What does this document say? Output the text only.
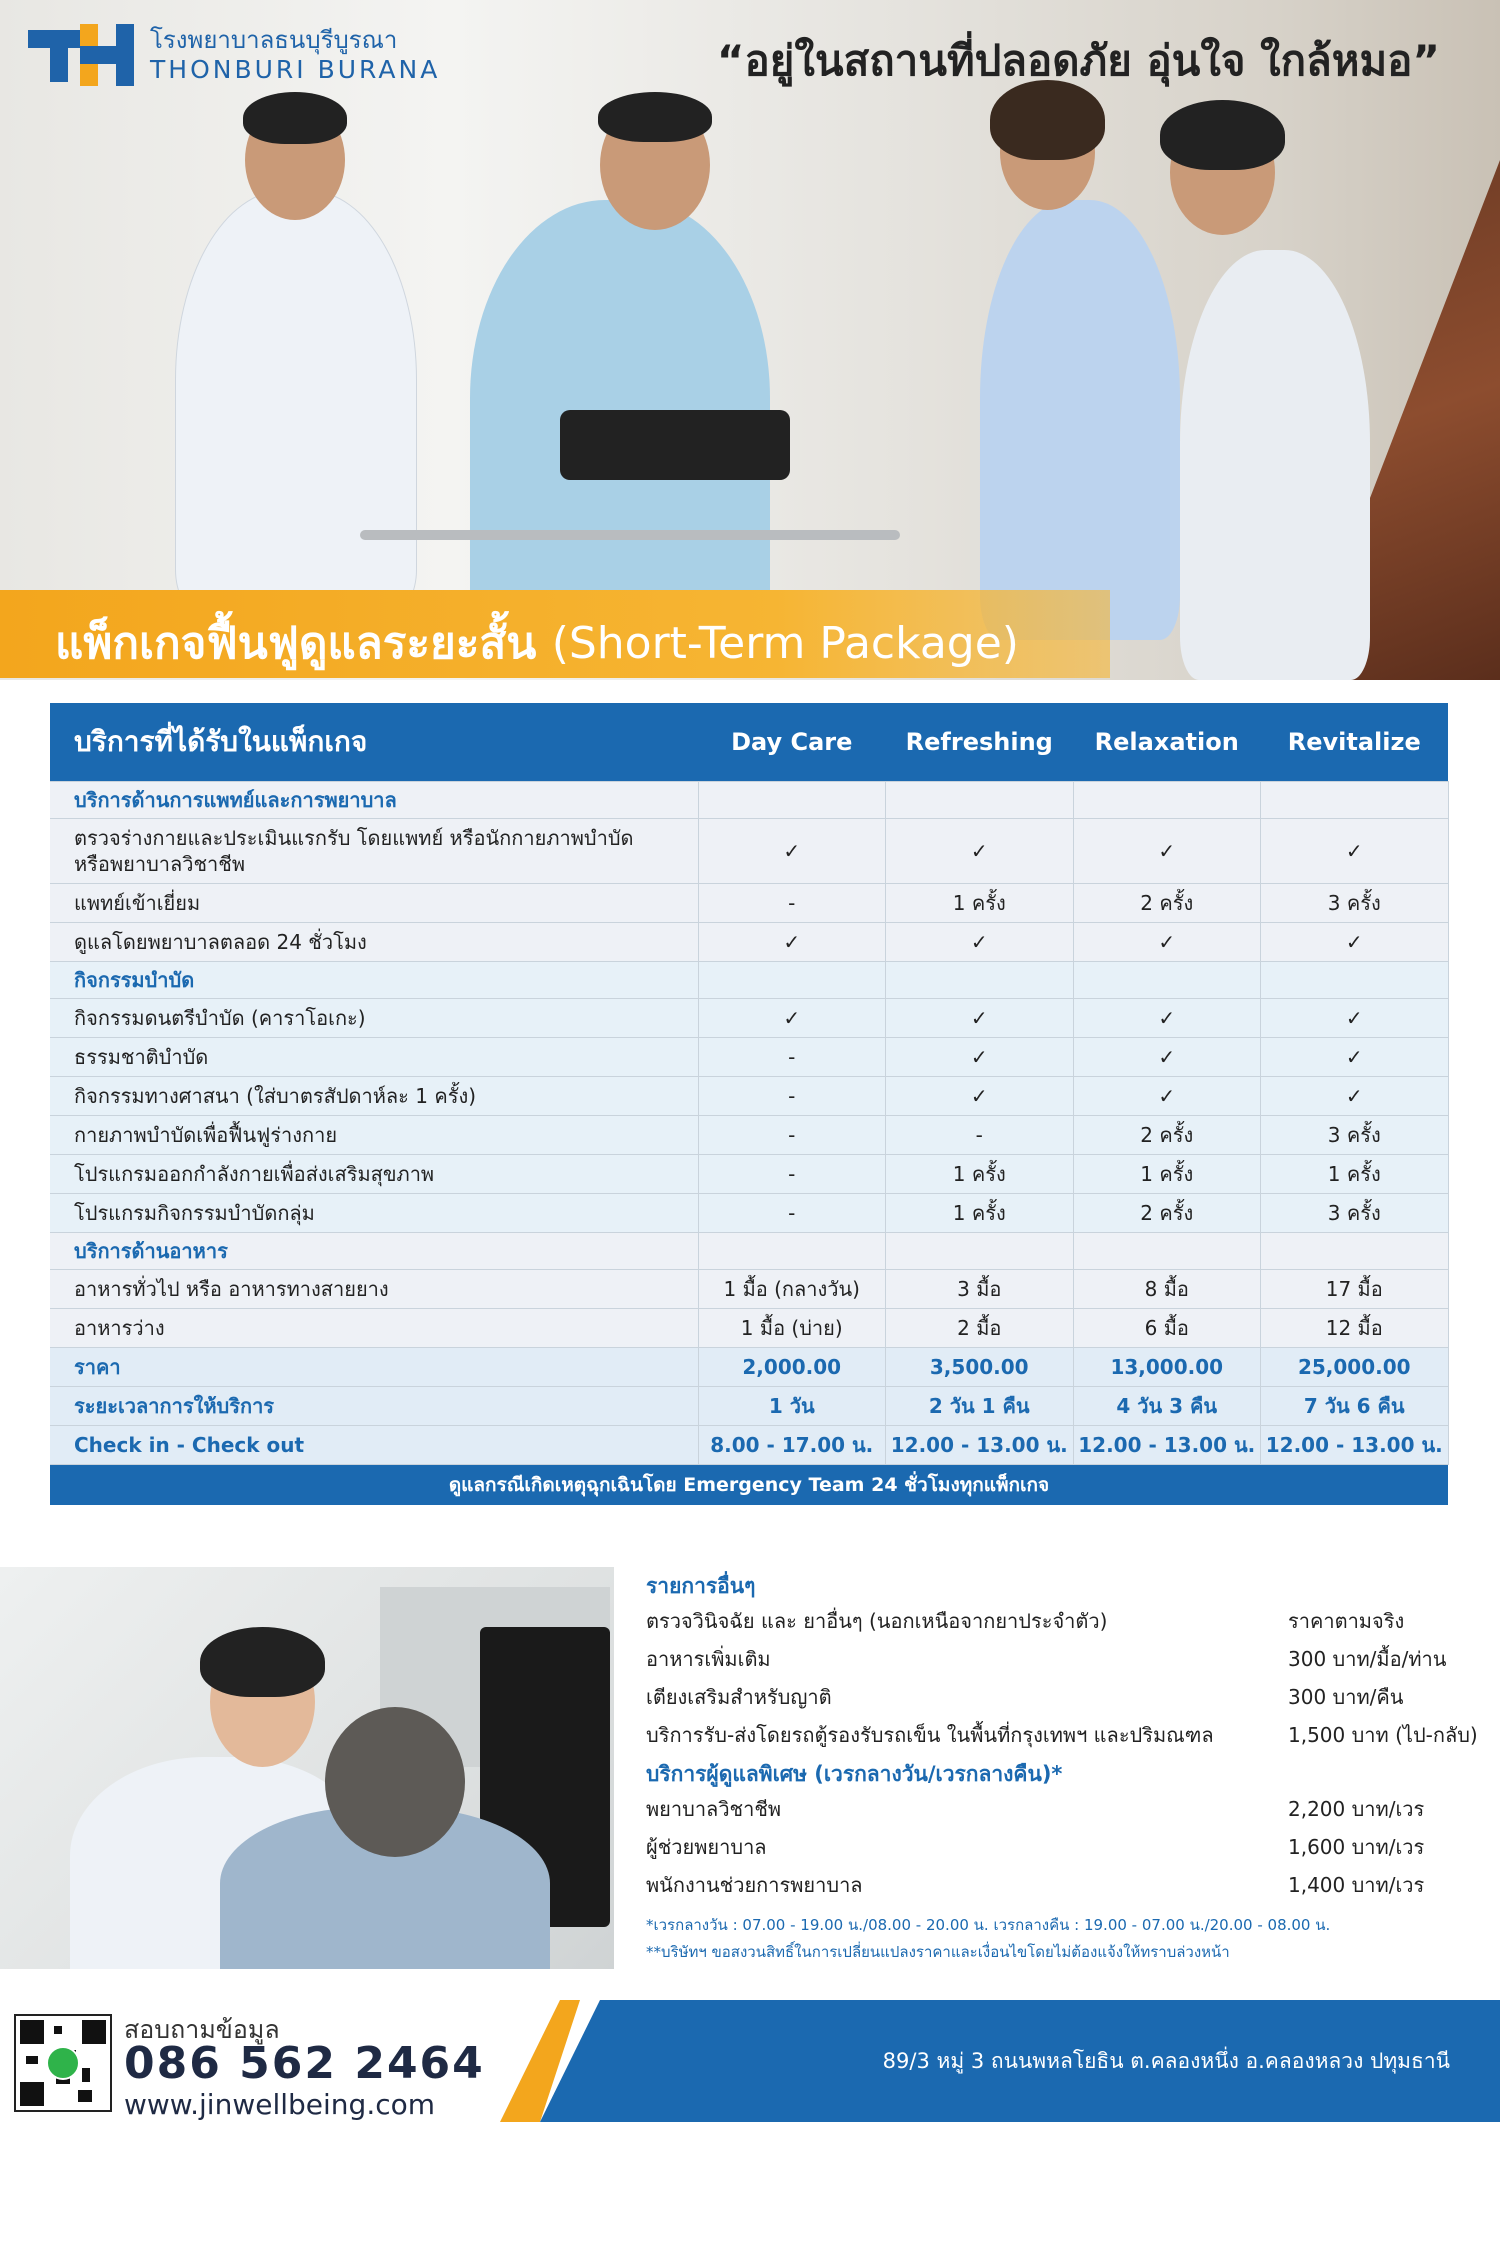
โรงพยาบาลธนบุรีบูรณา
THONBURI BURANA	“อยู่ในสถานที่ปลอดภัย อุ่นใจ ใกล้หมอ”
แพ็กเกจฟื้นฟูดูแลระยะสั้น (Short-Term Package)
บริการที่ได้รับในแพ็กเกจ	Day Care	Refreshing	Relaxation	Revitalize
บริการด้านการแพทย์และการพยาบาล				
ตรวจร่างกายและประเมินแรกรับ โดยแพทย์ หรือนักกายภาพบำบัด
หรือพยาบาลวิชาชีพ	✓	✓	✓	✓
แพทย์เข้าเยี่ยม	-	1 ครั้ง	2 ครั้ง	3 ครั้ง
ดูแลโดยพยาบาลตลอด 24 ชั่วโมง	✓	✓	✓	✓
กิจกรรมบำบัด				
กิจกรรมดนตรีบำบัด (คาราโอเกะ)	✓	✓	✓	✓
ธรรมชาติบำบัด	-	✓	✓	✓
กิจกรรมทางศาสนา (ใส่บาตรสัปดาห์ละ 1 ครั้ง)	-	✓	✓	✓
กายภาพบำบัดเพื่อฟื้นฟูร่างกาย	-	-	2 ครั้ง	3 ครั้ง
โปรแกรมออกกำลังกายเพื่อส่งเสริมสุขภาพ	-	1 ครั้ง	1 ครั้ง	1 ครั้ง
โปรแกรมกิจกรรมบำบัดกลุ่ม	-	1 ครั้ง	2 ครั้ง	3 ครั้ง
บริการด้านอาหาร				
อาหารทั่วไป หรือ อาหารทางสายยาง	1 มื้อ (กลางวัน)	3 มื้อ	8 มื้อ	17 มื้อ
อาหารว่าง	1 มื้อ (บ่าย)	2 มื้อ	6 มื้อ	12 มื้อ
ราคา	2,000.00	3,500.00	13,000.00	25,000.00
ระยะเวลาการให้บริการ	1 วัน	2 วัน 1 คืน	4 วัน 3 คืน	7 วัน 6 คืน
Check in - Check out	8.00 - 17.00 น.	12.00 - 13.00 น.	12.00 - 13.00 น.	12.00 - 13.00 น.
ดูแลกรณีเกิดเหตุฉุกเฉินโดย Emergency Team 24 ชั่วโมงทุกแพ็กเกจ
รายการอื่นๆ
ตรวจวินิจฉัย และ ยาอื่นๆ (นอกเหนือจากยาประจำตัว)	ราคาตามจริง
อาหารเพิ่มเติม	300 บาท/มื้อ/ท่าน
เตียงเสริมสำหรับญาติ	300 บาท/คืน
บริการรับ-ส่งโดยรถตู้รองรับรถเข็น ในพื้นที่กรุงเทพฯ และปริมณฑล	1,500 บาท (ไป-กลับ)
บริการผู้ดูแลพิเศษ (เวรกลางวัน/เวรกลางคืน)*
พยาบาลวิชาชีพ	2,200 บาท/เวร
ผู้ช่วยพยาบาล	1,600 บาท/เวร
พนักงานช่วยการพยาบาล	1,400 บาท/เวร
*เวรกลางวัน : 07.00 - 19.00 น./08.00 - 20.00 น. เวรกลางคืน : 19.00 - 07.00 น./20.00 - 08.00 น.
**บริษัทฯ ขอสงวนสิทธิ์ในการเปลี่ยนแปลงราคาและเงื่อนไขโดยไม่ต้องแจ้งให้ทราบล่วงหน้า
สอบถามข้อมูล
086 562 2464
www.jinwellbeing.com
89/3 หมู่ 3 ถนนพหลโยธิน ต.คลองหนึ่ง อ.คลองหลวง ปทุมธานี 12120
